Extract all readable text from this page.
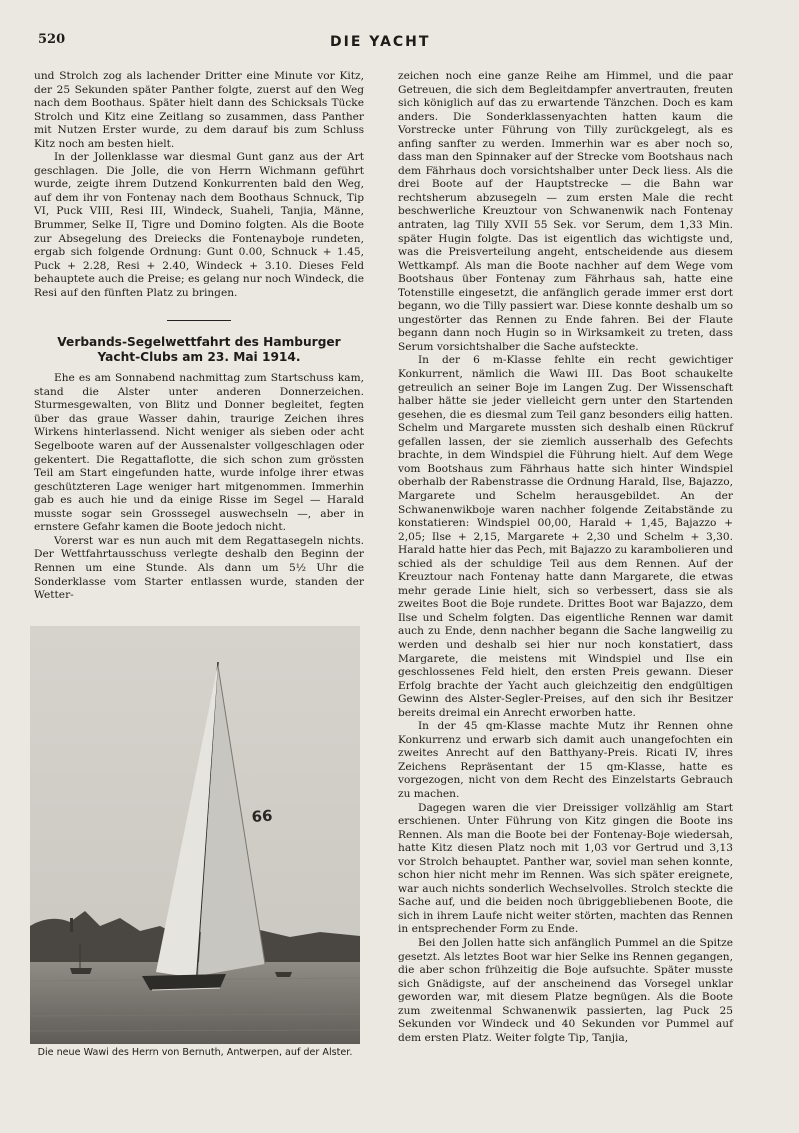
520	DIE YACHT

und Strolch zog als lachender Dritter eine Minute vor Kitz, der 25 Sekunden später Panther folgte, zuerst auf den Weg nach dem Boothaus. Später hielt dann des Schicksals Tücke Strolch und Kitz eine Zeitlang so zusammen, dass Panther mit Nutzen Erster wurde, zu dem darauf bis zum Schluss Kitz noch am besten hielt.

In der Jollenklasse war diesmal Gunt ganz aus der Art geschlagen. Die Jolle, die von Herrn Wichmann geführt wurde, zeigte ihrem Dutzend Konkurrenten bald den Weg, auf dem ihr von Fontenay nach dem Boothaus Schnuck, Tip VI, Puck VIII, Resi III, Windeck, Suaheli, Tanjia, Männe, Brummer, Selke II, Tigre und Domino folgten. Als die Boote zur Absegelung des Dreiecks die Fontenayboje rundeten, ergab sich folgende Ordnung: Gunt 0.00, Schnuck + 1.45, Puck + 2.28, Resi + 2.40, Windeck + 3.10. Dieses Feld behauptete auch die Preise; es gelang nur noch Windeck, die Resi auf den fünften Platz zu bringen.

Verbands-Segelwettfahrt des Hamburger Yacht-Clubs am 23. Mai 1914.

Ehe es am Sonnabend nachmittag zum Startschuss kam, stand die Alster unter anderen Donnerzeichen. Sturmesgewalten, von Blitz und Donner begleitet, fegten über das graue Wasser dahin, traurige Zeichen ihres Wirkens hinterlassend. Nicht weniger als sieben oder acht Segelboote waren auf der Aussenalster vollgeschlagen oder gekentert. Die Regattaflotte, die sich schon zum grössten Teil am Start eingefunden hatte, wurde infolge ihrer etwas geschützteren Lage weniger hart mitgenommen. Immerhin gab es auch hie und da einige Risse im Segel — Harald musste sogar sein Grosssegel auswechseln —, aber in ernstere Gefahr kamen die Boote jedoch nicht.

Vorerst war es nun auch mit dem Regattasegeln nichts. Der Wettfahrtausschuss verlegte deshalb den Beginn der Rennen um eine Stunde. Als dann um 5½ Uhr die Sonderklasse vom Starter entlassen wurde, standen der Wetter-

66
Die neue Wawi des Herrn von Bernuth, Antwerpen, auf der Alster.

zeichen noch eine ganze Reihe am Himmel, und die paar Getreuen, die sich dem Begleitdampfer anvertrauten, freuten sich königlich auf das zu erwartende Tänzchen. Doch es kam anders. Die Sonderklassenyachten hatten kaum die Vorstrecke unter Führung von Tilly zurückgelegt, als es anfing sanfter zu werden. Immerhin war es aber noch so, dass man den Spinnaker auf der Strecke vom Bootshaus nach dem Fährhaus doch vorsichtshalber unter Deck liess. Als die drei Boote auf der Hauptstrecke — die Bahn war rechtsherum abzusegeln — zum ersten Male die recht beschwerliche Kreuztour von Schwanenwik nach Fontenay antraten, lag Tilly XVII 55 Sek. vor Serum, dem 1,33 Min. später Hugin folgte. Das ist eigentlich das wichtigste und, was die Preisverteilung angeht, entscheidende aus diesem Wettkampf. Als man die Boote nachher auf dem Wege vom Bootshaus über Fontenay zum Fährhaus sah, hatte eine Totenstille eingesetzt, die anfänglich gerade immer erst dort begann, wo die Tilly passiert war. Diese konnte deshalb um so ungestörter das Rennen zu Ende fahren. Bei der Flaute begann dann noch Hugin so in Wirksamkeit zu treten, dass Serum vorsichtshalber die Sache aufsteckte.

In der 6 m-Klasse fehlte ein recht gewichtiger Konkurrent, nämlich die Wawi III. Das Boot schaukelte getreulich an seiner Boje im Langen Zug. Der Wissenschaft halber hätte sie jeder vielleicht gern unter den Startenden gesehen, die es diesmal zum Teil ganz besonders eilig hatten. Schelm und Margarete mussten sich deshalb einen Rückruf gefallen lassen, der sie ziemlich ausserhalb des Gefechts brachte, in dem Windspiel die Führung hielt. Auf dem Wege vom Bootshaus zum Fährhaus hatte sich hinter Windspiel oberhalb der Rabenstrasse die Ordnung Harald, Ilse, Bajazzo, Margarete und Schelm herausgebildet. An der Schwanenwikboje waren nachher folgende Zeitabstände zu konstatieren: Windspiel 00,00, Harald + 1,45, Bajazzo + 2,05; Ilse + 2,15, Margarete + 2,30 und Schelm + 3,30. Harald hatte hier das Pech, mit Bajazzo zu karambolieren und schied als der schuldige Teil aus dem Rennen. Auf der Kreuztour nach Fontenay hatte dann Margarete, die etwas mehr gerade Linie hielt, sich so verbessert, dass sie als zweites Boot die Boje rundete. Drittes Boot war Bajazzo, dem Ilse und Schelm folgten. Das eigentliche Rennen war damit auch zu Ende, denn nachher begann die Sache langweilig zu werden und deshalb sei hier nur noch konstatiert, dass Margarete, die meistens mit Windspiel und Ilse ein geschlossenes Feld hielt, den ersten Preis gewann. Dieser Erfolg brachte der Yacht auch gleichzeitig den endgültigen Gewinn des Alster-Segler-Preises, auf den sich ihr Besitzer bereits dreimal ein Anrecht erworben hatte.

In der 45 qm-Klasse machte Mutz ihr Rennen ohne Konkurrenz und erwarb sich damit auch unangefochten ein zweites Anrecht auf den Batthyany-Preis. Ricati IV, ihres Zeichens Repräsentant der 15 qm-Klasse, hatte es vorgezogen, nicht von dem Recht des Einzelstarts Gebrauch zu machen.

Dagegen waren die vier Dreissiger vollzählig am Start erschienen. Unter Führung von Kitz gingen die Boote ins Rennen. Als man die Boote bei der Fontenay-Boje wiedersah, hatte Kitz diesen Platz noch mit 1,03 vor Gertrud und 3,13 vor Strolch behauptet. Panther war, soviel man sehen konnte, schon hier nicht mehr im Rennen. Was sich später ereignete, war auch nichts sonderlich Wechselvolles. Strolch steckte die Sache auf, und die beiden noch übriggebliebenen Boote, die sich in ihrem Laufe nicht weiter störten, machten das Rennen in entsprechender Form zu Ende.

Bei den Jollen hatte sich anfänglich Pummel an die Spitze gesetzt. Als letztes Boot war hier Selke ins Rennen gegangen, die aber schon frühzeitig die Boje aufsuchte. Später musste sich Gnädigste, auf der anscheinend das Vorsegel unklar geworden war, mit diesem Platze begnügen. Als die Boote zum zweitenmal Schwanenwik passierten, lag Puck 25 Sekunden vor Windeck und 40 Sekunden vor Pummel auf dem ersten Platz. Weiter folgte Tip, Tanjia,
